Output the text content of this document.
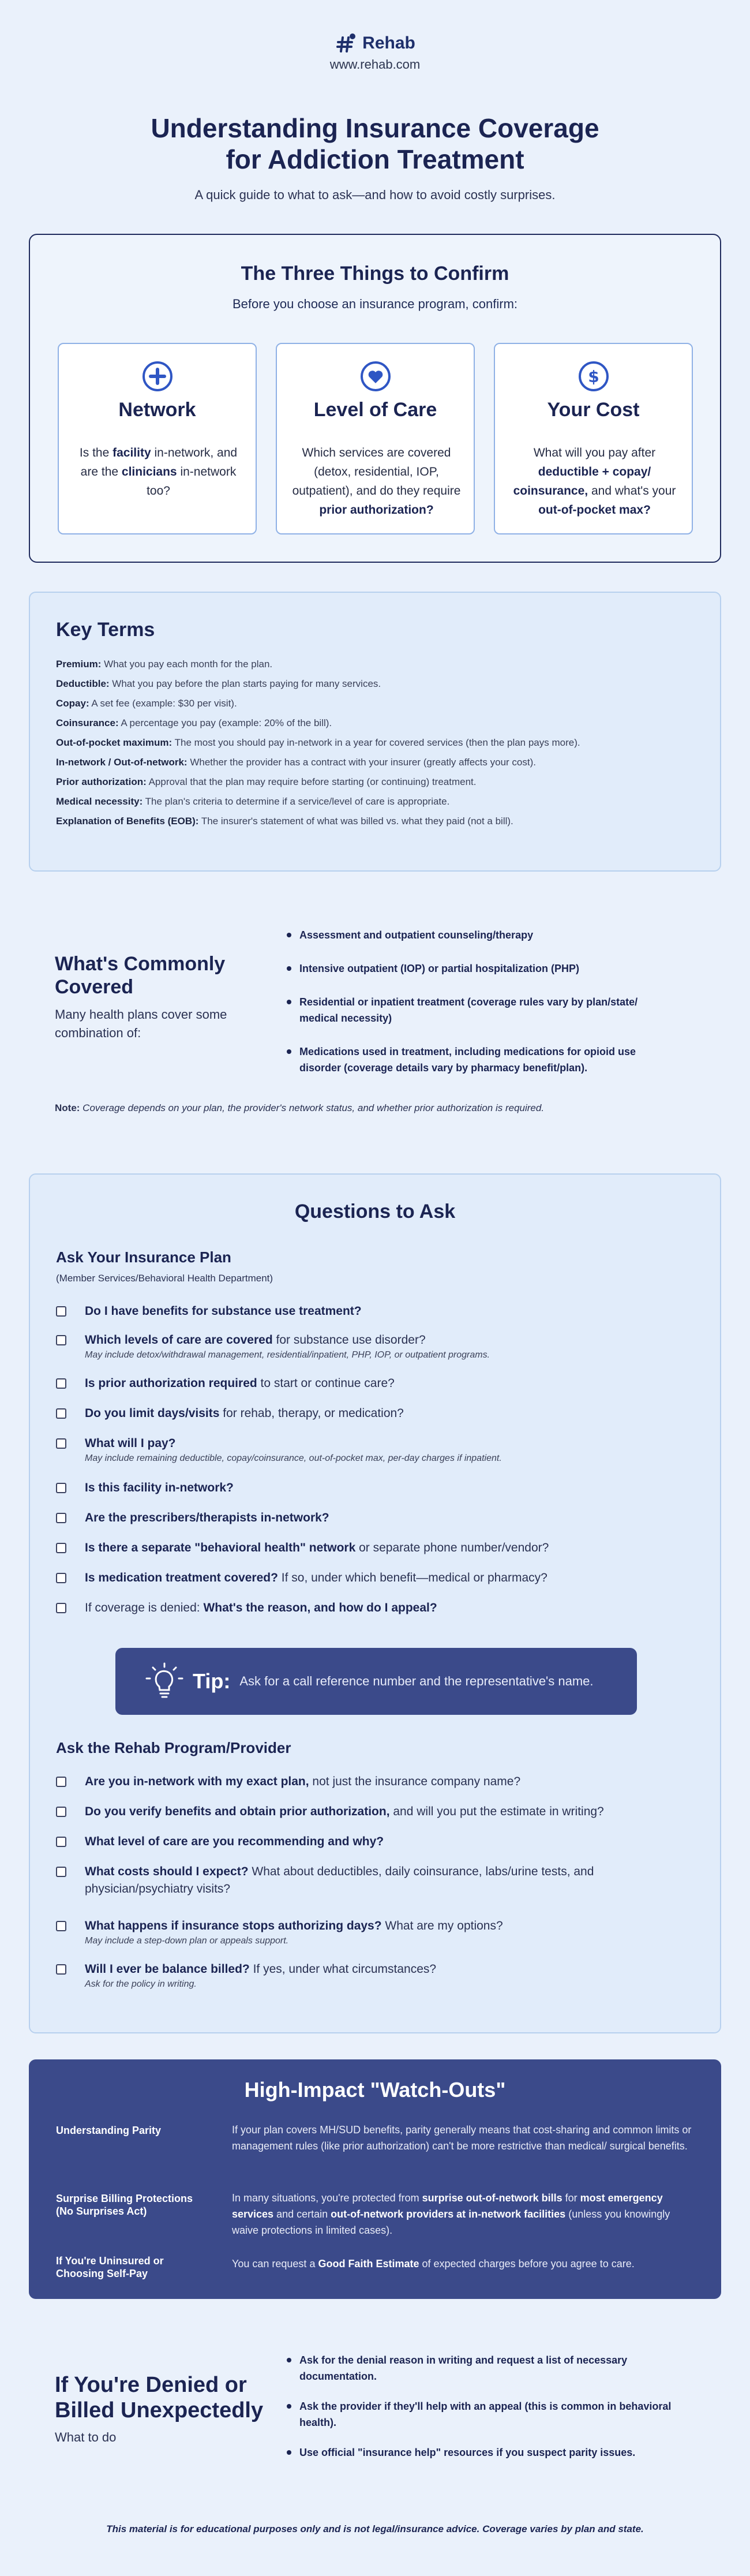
Rehab
www.rehab.com
Understanding Insurance Coverage
for Addiction Treatment
A quick guide to what to ask—and how to avoid costly surprises.
The Three Things to Confirm
Before you choose an insurance program, confirm:
Network

Is the facility in-network, and are the clinicians in-network too?

Level of Care

Which services are covered (detox, residential, IOP, outpatient), and do they require prior authorization?

$
Your Cost

What will you pay after deductible + copay/ coinsurance, and what's your out-of-pocket max?

Key Terms
Premium: What you pay each month for the plan.
Deductible: What you pay before the plan starts paying for many services.
Copay: A set fee (example: $30 per visit).
Coinsurance: A percentage you pay (example: 20% of the bill).
Out-of-pocket maximum: The most you should pay in-network in a year for covered services (then the plan pays more).
In-network / Out-of-network: Whether the provider has a contract with your insurer (greatly affects your cost).
Prior authorization: Approval that the plan may require before starting (or continuing) treatment.
Medical necessity: The plan's criteria to determine if a service/level of care is appropriate.
Explanation of Benefits (EOB): The insurer's statement of what was billed vs. what they paid (not a bill).
What's Commonly Covered

Many health plans cover some combination of:

Assessment and outpatient counseling/therapy
Intensive outpatient (IOP) or partial hospitalization (PHP)
Residential or inpatient treatment (coverage rules vary by plan/state/ medical necessity)
Medications used in treatment, including medications for opioid use disorder (coverage details vary by pharmacy benefit/plan).
Note: Coverage depends on your plan, the provider's network status, and whether prior authorization is required.
Questions to Ask
Ask Your Insurance Plan
(Member Services/Behavioral Health Department)
Do I have benefits for substance use treatment?
Which levels of care are covered for substance use disorder?
May include detox/withdrawal management, residential/inpatient, PHP, IOP, or outpatient programs.
Is prior authorization required to start or continue care?
Do you limit days/visits for rehab, therapy, or medication?
What will I pay?
May include remaining deductible, copay/coinsurance, out-of-pocket max, per-day charges if inpatient.
Is this facility in-network?
Are the prescribers/therapists in-network?
Is there a separate "behavioral health" network or separate phone number/vendor?
Is medication treatment covered? If so, under which benefit—medical or pharmacy?
If coverage is denied: What's the reason, and how do I appeal?
Tip: Ask for a call reference number and the representative's name.
Ask the Rehab Program/Provider
Are you in-network with my exact plan, not just the insurance company name?
Do you verify benefits and obtain prior authorization, and will you put the estimate in writing?
What level of care are you recommending and why?
What costs should I expect? What about deductibles, daily coinsurance, labs/urine tests, and physician/psychiatry visits?
What happens if insurance stops authorizing days? What are my options?
May include a step-down plan or appeals support.
Will I ever be balance billed? If yes, under what circumstances?
Ask for the policy in writing.
High-Impact "Watch-Outs"
Understanding Parity	If your plan covers MH/SUD benefits, parity generally means that cost-sharing and common limits or management rules (like prior authorization) can't be more restrictive than medical/ surgical benefits.
Surprise Billing Protections (No Surprises Act)
In many situations, you're protected from surprise out-of-network bills for most emergency services and certain out-of-network providers at in-network facilities (unless you knowingly waive protections in limited cases).
If You're Uninsured or Choosing Self-Pay
You can request a Good Faith Estimate of expected charges before you agree to care.
If You're Denied or Billed Unexpectedly

What to do

Ask for the denial reason in writing and request a list of necessary documentation.
Ask the provider if they'll help with an appeal (this is common in behavioral health).
Use official "insurance help" resources if you suspect parity issues.
This material is for educational purposes only and is not legal/insurance advice. Coverage varies by plan and state.
